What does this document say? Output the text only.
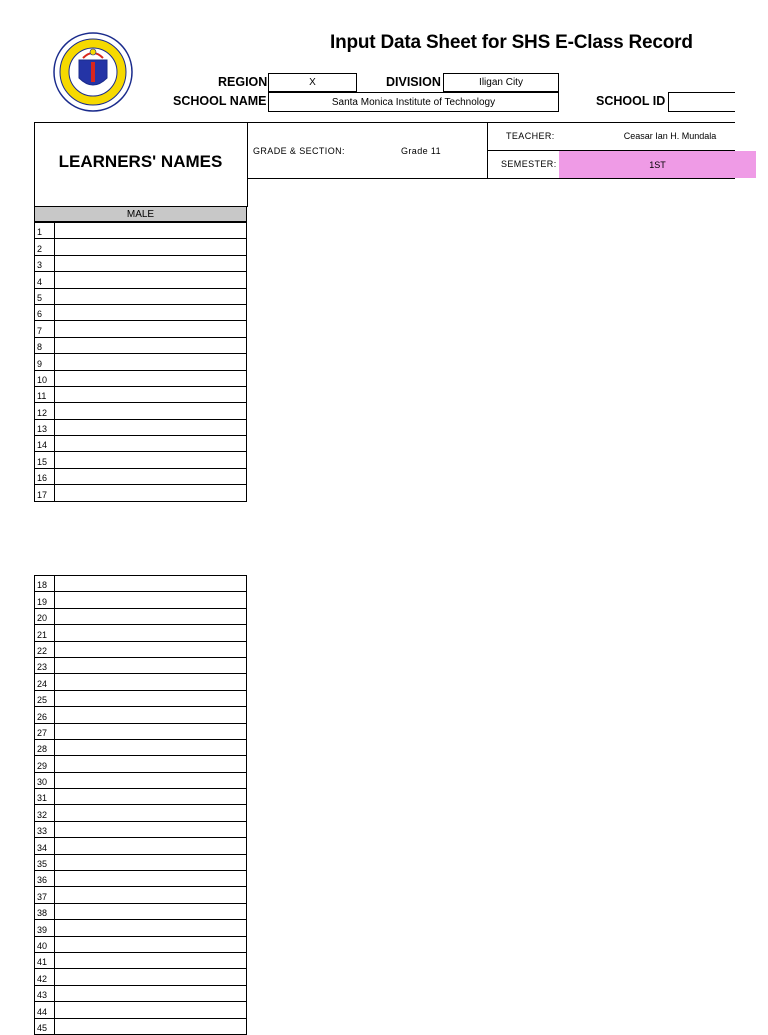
Input Data Sheet for SHS E-Class Record
REGION	X	DIVISION	Iligan City
SCHOOL NAME	Santa Monica Institute of Technology	SCHOOL ID
LEARNERS' NAMES
GRADE & SECTION:	Grade 11
TEACHER:	Ceasar Ian H. Mundala
SEMESTER:	1ST
MALE
1
2
3
4
5
6
7
8
9
10
11
12
13
14
15
16
17
18
19
20
21
22
23
24
25
26
27
28
29
30
31
32
33
34
35
36
37
38
39
40
41
42
43
44
45
